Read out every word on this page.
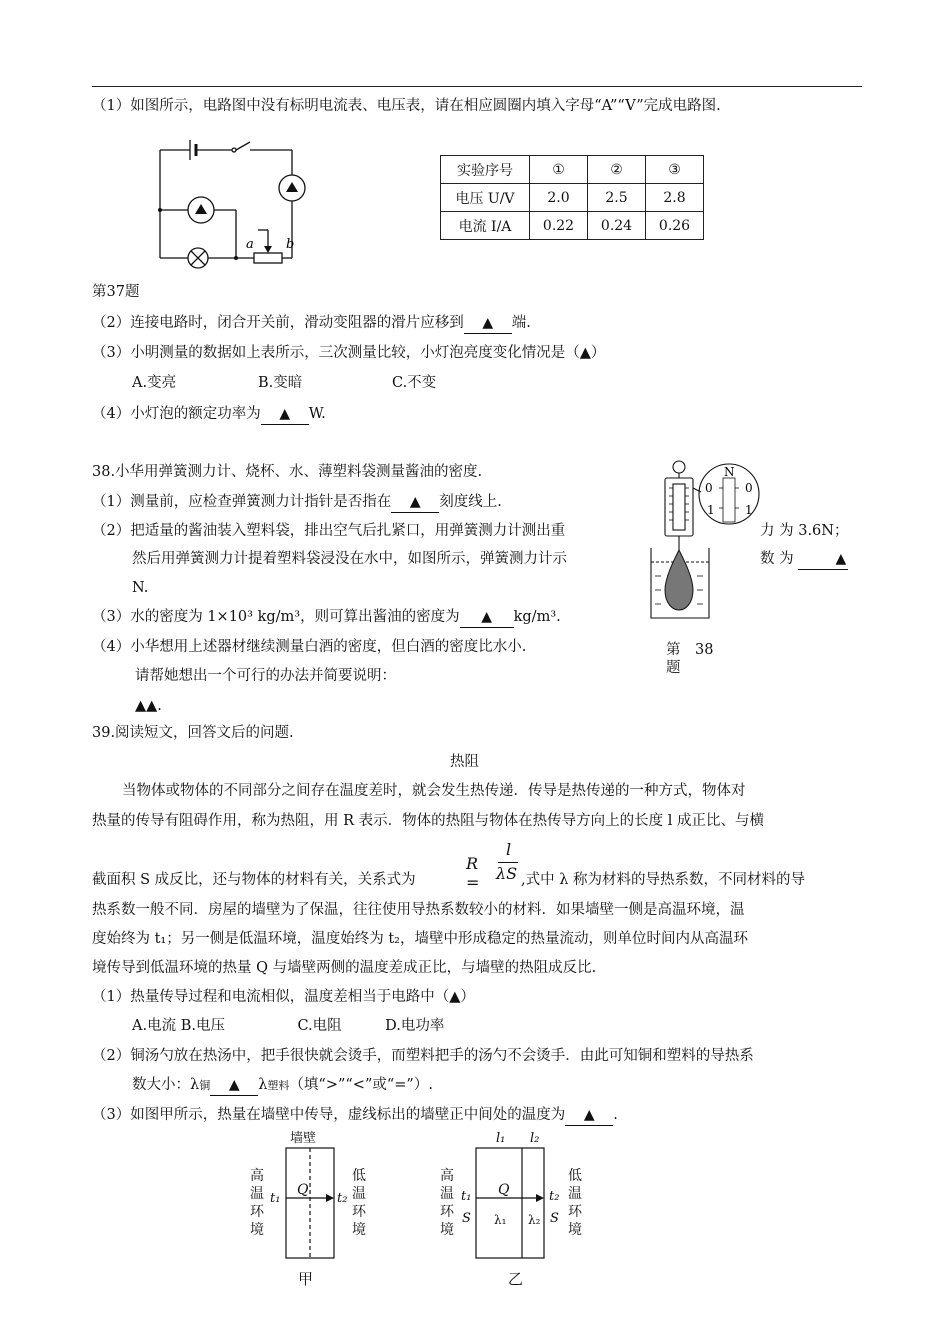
（1）如图所示，电路图中没有标明电流表、电压表，请在相应圆圈内填入字母“A”“V”完成电路图.
a b
实验序号	①	②	③
电压 U/V	2.0	2.5	2.8
电流 I/A	0.22	0.24	0.26
第37题
（2）连接电路时，闭合开关前，滑动变阻器的滑片应移到 ▲ 端.
（3）小明测量的数据如上表所示，三次测量比较，小灯泡亮度变化情况是（▲）
A.变亮	B.变暗	C.不变
（4）小灯泡的额定功率为 ▲ W.
38.小华用弹簧测力计、烧杯、水、薄塑料袋测量酱油的密度.
（1）测量前，应检查弹簧测力计指针是否指在 ▲ 刻度线上.
（2）把适量的酱油装入塑料袋，排出空气后扎紧口，用弹簧测力计测出重	力 为 3.6N；
然后用弹簧测力计提着塑料袋浸没在水中，如图所示，弹簧测力计示	数 为	▲
N.
（3）水的密度为 1×10³ kg/m³，则可算出酱油的密度为 ▲ kg/m³.
（4）小华想用上述器材继续测量白酒的密度，但白酒的密度比水小.
请帮她想出一个可行的办法并简要说明：
▲▲.
N
0	0
1	1
第　38
题
39.阅读短文，回答文后的问题.
热阻
当物体或物体的不同部分之间存在温度差时，就会发生热传递．传导是热传递的一种方式，物体对
热量的传导有阻碍作用，称为热阻，用 R 表示．物体的热阻与物体在热传导方向上的长度 l 成正比、与横
R =
l
λS
截面积 S 成反比，还与物体的材料有关，关系式为	,式中 λ 称为材料的导热系数，不同材料的导
热系数一般不同．房屋的墙壁为了保温，往往使用导热系数较小的材料．如果墙壁一侧是高温环境，温
度始终为 t₁；另一侧是低温环境，温度始终为 t₂，墙壁中形成稳定的热量流动，则单位时间内从高温环
境传导到低温环境的热量 Q 与墙壁两侧的温度差成正比，与墙壁的热阻成反比.
（1）热量传导过程和电流相似，温度差相当于电路中（▲）
A.电流 B.电压　　　　　C.电阻　　　D.电功率
（2）铜汤勺放在热汤中，把手很快就会烫手，而塑料把手的汤勺不会烫手．由此可知铜和塑料的导热系
数大小：λ铜 ▲ λ塑料（填“>”“<”或“=”）.
（3）如图甲所示，热量在墙壁中传导，虚线标出的墙壁正中间处的温度为 ▲ .
墙壁
高
温
环
境
低
温
环
境
t₁	t₂
Q
甲
l₁ l₂
高
温
环
境
低
温
环
境
t₁	t₂
S	S
Q
λ₁ λ₂
乙
